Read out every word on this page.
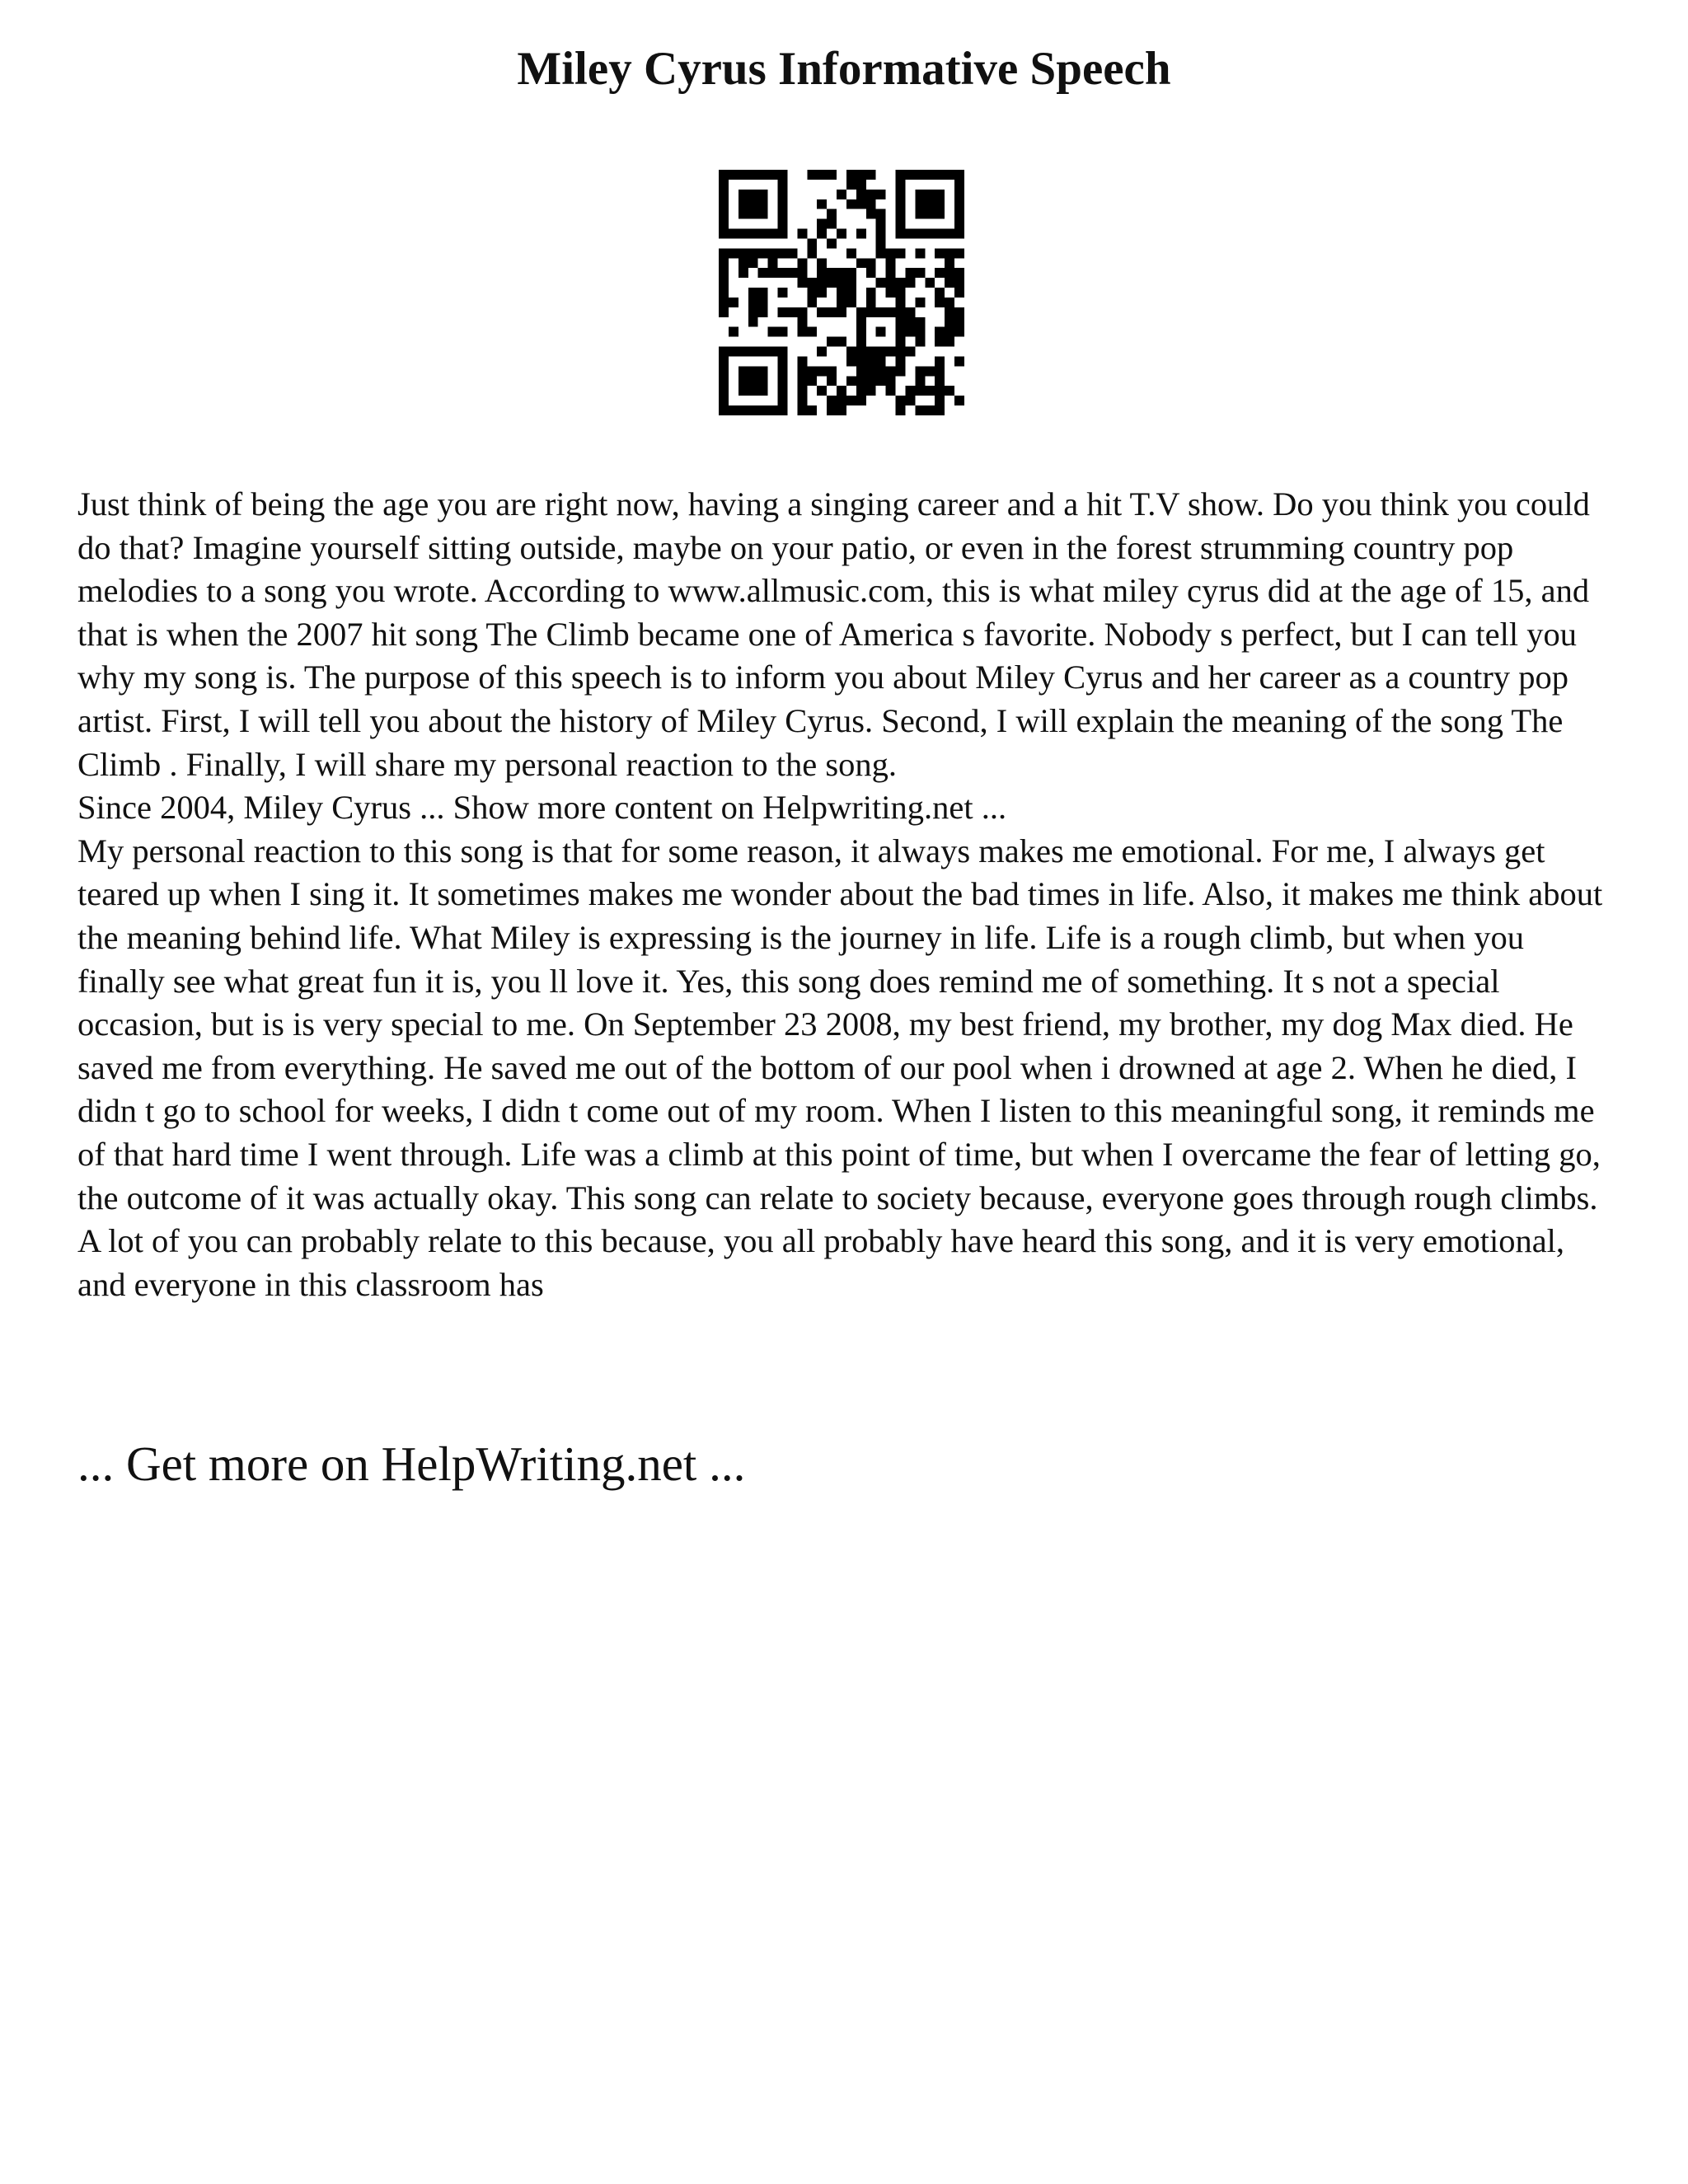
Miley Cyrus Informative Speech

Just think of being the age you are right now, having a singing career and a hit T.V show. Do you think you could do that? Imagine yourself sitting outside, maybe on your patio, or even in the forest strumming country pop melodies to a song you wrote. According to www.allmusic.com, this is what miley cyrus did at the age of 15, and that is when the 2007 hit song The Climb became one of America s favorite. Nobody s perfect, but I can tell you why my song is. The purpose of this speech is to inform you about Miley Cyrus and her career as a country pop artist. First, I will tell you about the history of Miley Cyrus. Second, I will explain the meaning of the song The Climb . Finally, I will share my personal reaction to the song.

Since 2004, Miley Cyrus ... Show more content on Helpwriting.net ...

My personal reaction to this song is that for some reason, it always makes me emotional. For me, I always get teared up when I sing it. It sometimes makes me wonder about the bad times in life. Also, it makes me think about the meaning behind life. What Miley is expressing is the journey in life. Life is a rough climb, but when you finally see what great fun it is, you ll love it. Yes, this song does remind me of something. It s not a special occasion, but is is very special to me. On September 23 2008, my best friend, my brother, my dog Max died. He saved me from everything. He saved me out of the bottom of our pool when i drowned at age 2. When he died, I didn t go to school for weeks, I didn t come out of my room. When I listen to this meaningful song, it reminds me of that hard time I went through. Life was a climb at this point of time, but when I overcame the fear of letting go, the outcome of it was actually okay. This song can relate to society because, everyone goes through rough climbs. A lot of you can probably relate to this because, you all probably have heard this song, and it is very emotional, and everyone in this classroom has

... Get more on HelpWriting.net ...
